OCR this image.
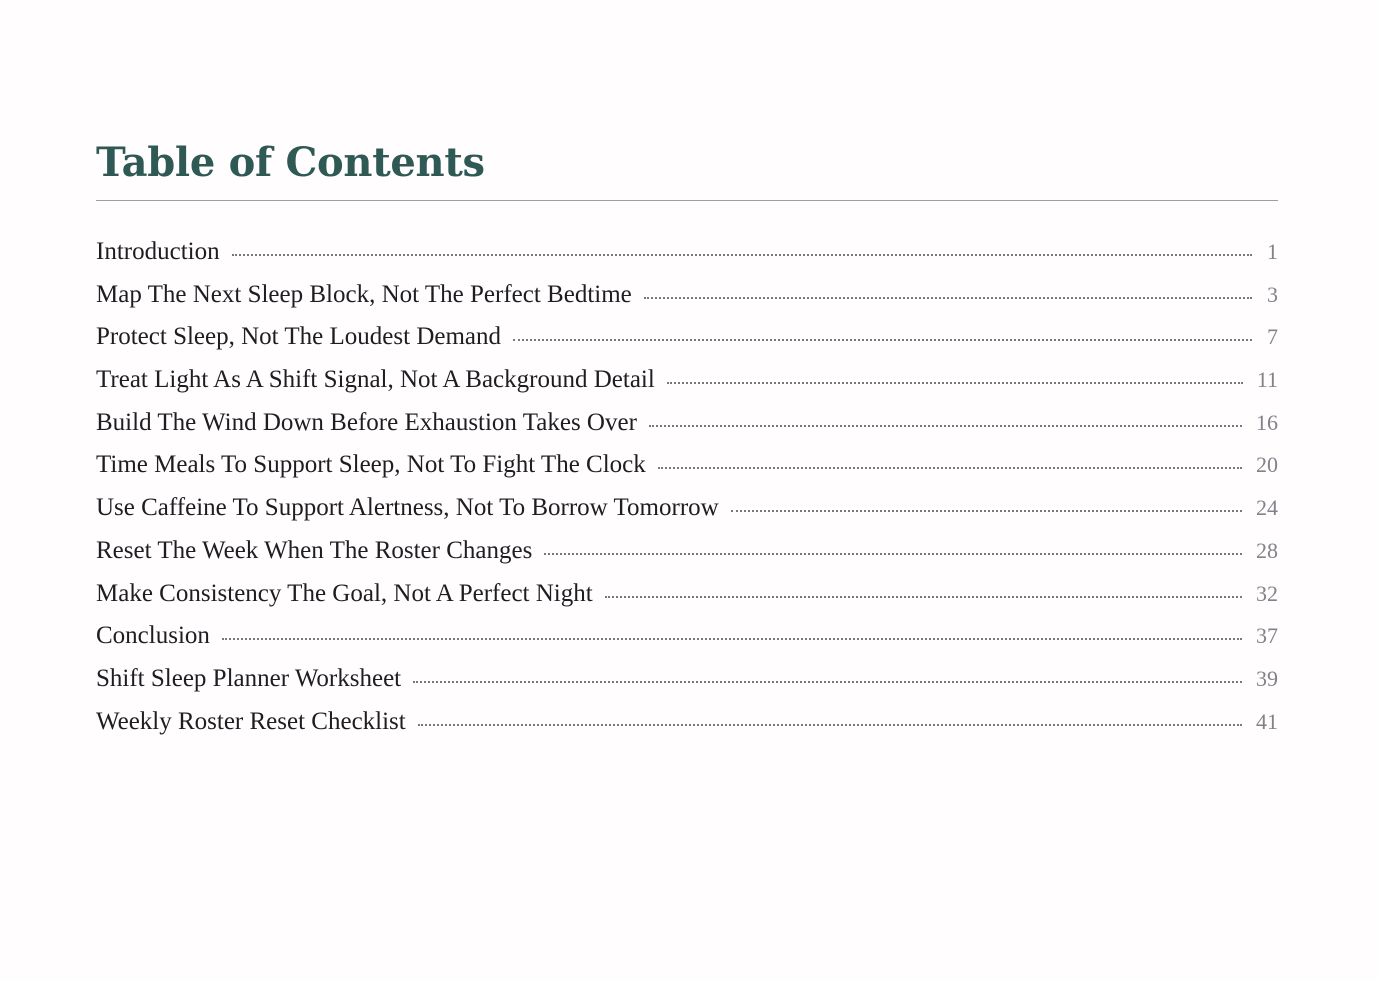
Table of Contents
Introduction	1
Map The Next Sleep Block, Not The Perfect Bedtime	3
Protect Sleep, Not The Loudest Demand	7
Treat Light As A Shift Signal, Not A Background Detail	11
Build The Wind Down Before Exhaustion Takes Over	16
Time Meals To Support Sleep, Not To Fight The Clock	20
Use Caffeine To Support Alertness, Not To Borrow Tomorrow	24
Reset The Week When The Roster Changes	28
Make Consistency The Goal, Not A Perfect Night	32
Conclusion	37
Shift Sleep Planner Worksheet	39
Weekly Roster Reset Checklist	41
